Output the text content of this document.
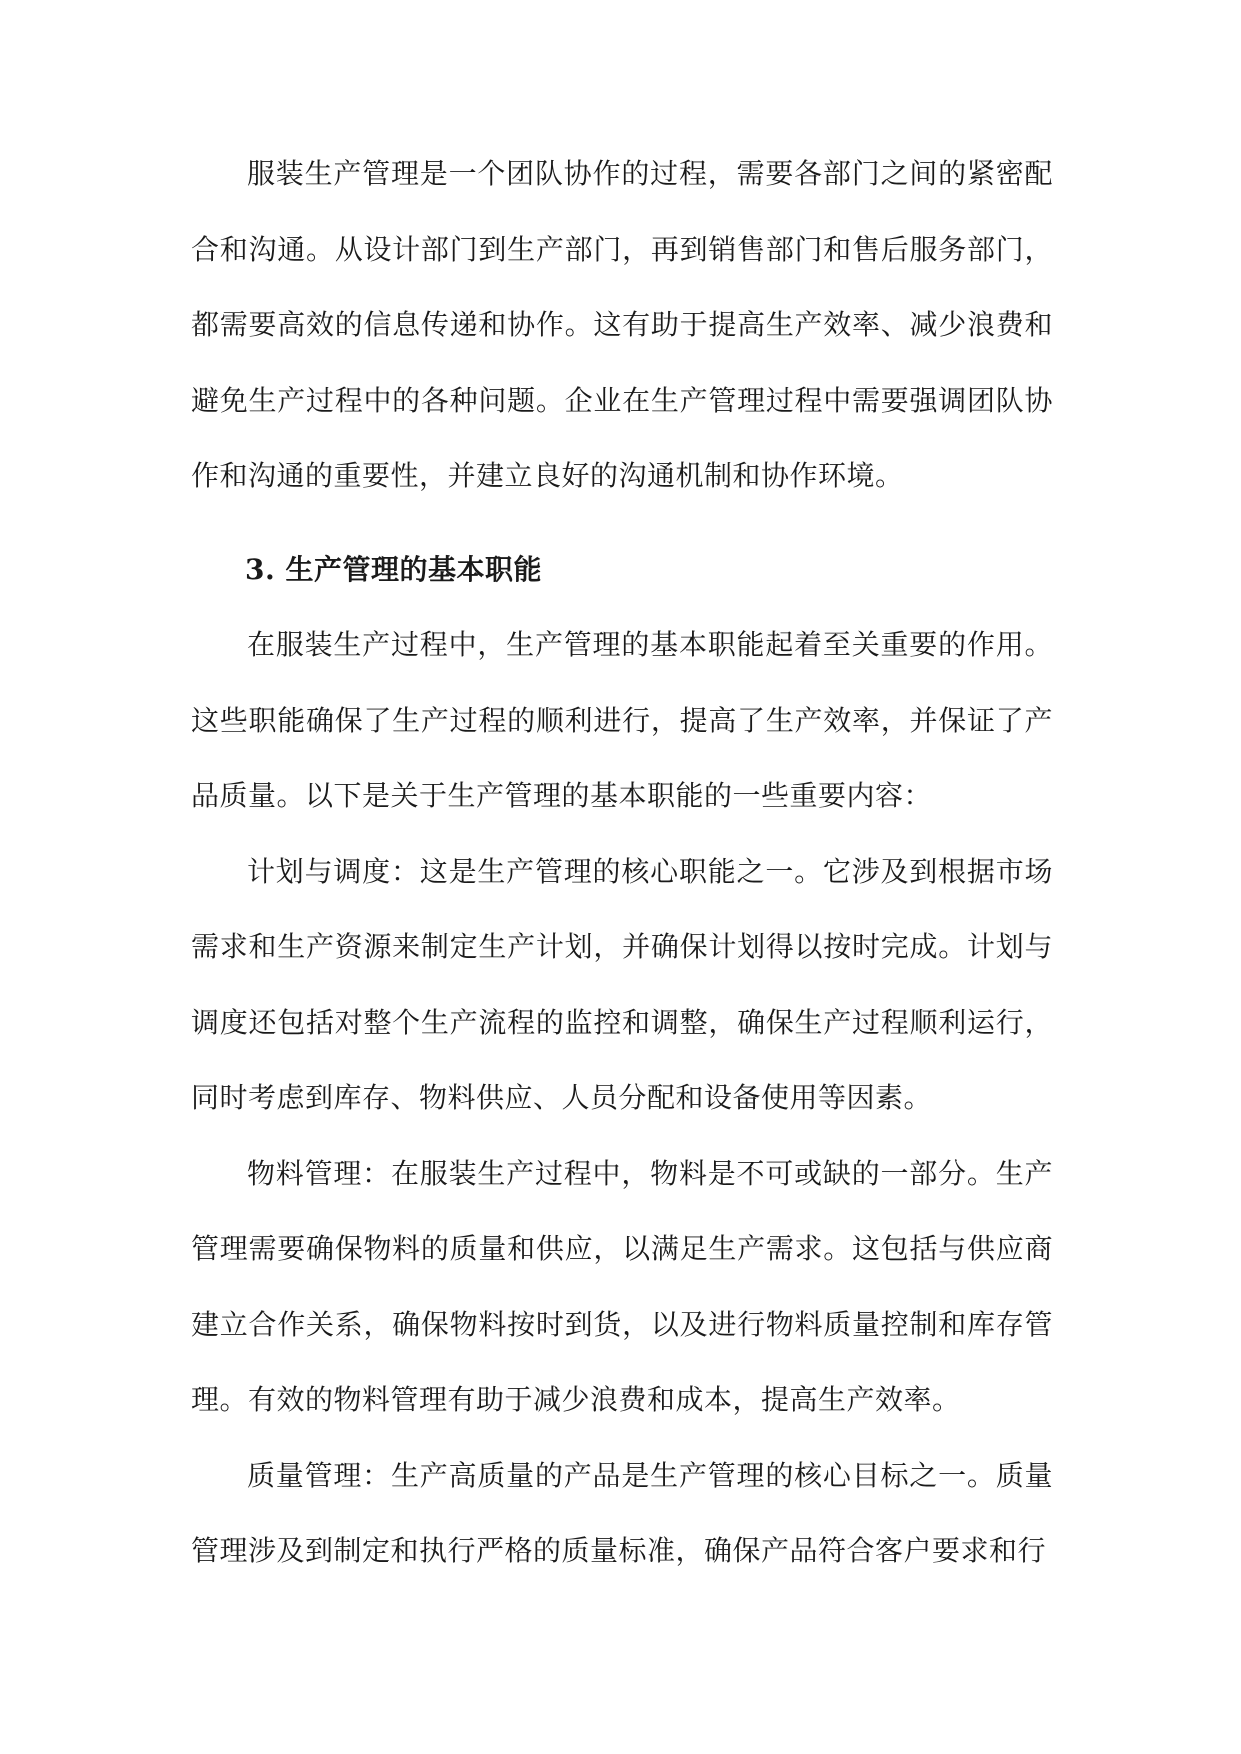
服装生产管理是一个团队协作的过程，需要各部门之间的紧密配合和沟通。从设计部门到生产部门，再到销售部门和售后服务部门，都需要高效的信息传递和协作。这有助于提高生产效率、减少浪费和避免生产过程中的各种问题。企业在生产管理过程中需要强调团队协作和沟通的重要性，并建立良好的沟通机制和协作环境。

3. 生产管理的基本职能

在服装生产过程中，生产管理的基本职能起着至关重要的作用。这些职能确保了生产过程的顺利进行，提高了生产效率，并保证了产品质量。以下是关于生产管理的基本职能的一些重要内容：

计划与调度：这是生产管理的核心职能之一。它涉及到根据市场需求和生产资源来制定生产计划，并确保计划得以按时完成。计划与调度还包括对整个生产流程的监控和调整，确保生产过程顺利运行，同时考虑到库存、物料供应、人员分配和设备使用等因素。

物料管理：在服装生产过程中，物料是不可或缺的一部分。生产管理需要确保物料的质量和供应，以满足生产需求。这包括与供应商建立合作关系，确保物料按时到货，以及进行物料质量控制和库存管理。有效的物料管理有助于减少浪费和成本，提高生产效率。

质量管理：生产高质量的产品是生产管理的核心目标之一。质量管理涉及到制定和执行严格的质量标准，确保产品符合客户要求和行
